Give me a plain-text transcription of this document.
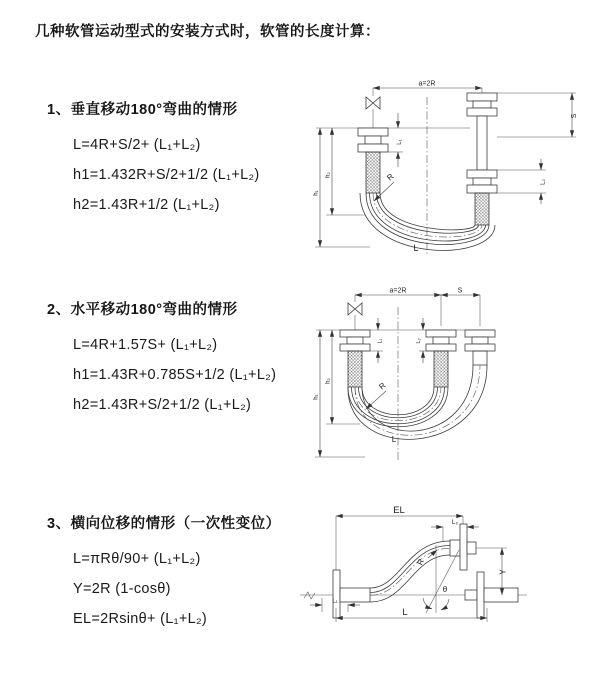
几种软管运动型式的安装方式时，软管的长度计算：
1、垂直移动180°弯曲的情形
L=4R+S/2+ (L₁+L₂)
h1=1.432R+S/2+1/2 (L₁+L₂)
h2=1.43R+1/2 (L₁+L₂)
2、水平移动180°弯曲的情形
L=4R+1.57S+ (L₁+L₂)
h1=1.43R+0.785S+1/2 (L₁+L₂)
h2=1.43R+S/2+1/2 (L₁+L₂)
3、横向位移的情形（一次性变位）
L=πRθ/90+ (L₁+L₂)
Y=2R (1-cosθ)
EL=2Rsinθ+ (L₁+L₂)
a=2R
L₁
S
L₂
h₁
h₂	R
L
a=2R	S
L₁	L₂
h₁
h₂	R
L
EL
L₂
Y
θ
R
L₁
L
